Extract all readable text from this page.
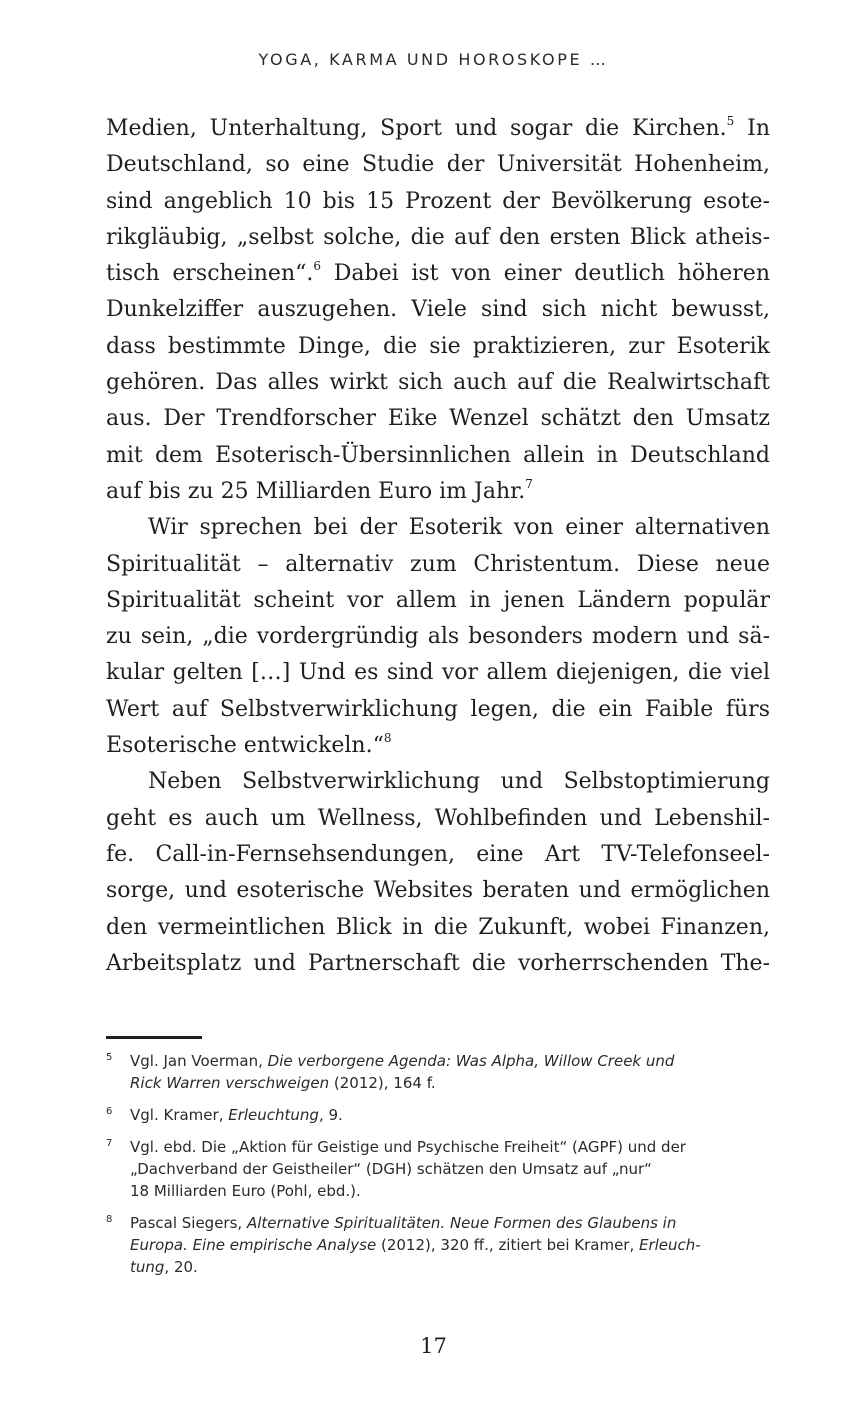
YOGA, KARMA UND HOROSKOPE …
Medien, Unterhaltung, Sport und sogar die Kirchen.$^5$ In
Deutschland, so eine Studie der Universität Hohenheim,
sind angeblich 10 bis 15 Prozent der Bevölkerung esote-
rikgläubig, „selbst solche, die auf den ersten Blick atheis-
tisch erscheinen“.$^6$ Dabei ist von einer deutlich höheren
Dunkelziffer auszugehen. Viele sind sich nicht bewusst,
dass bestimmte Dinge, die sie praktizieren, zur Esoterik
gehören. Das alles wirkt sich auch auf die Realwirtschaft
aus. Der Trendforscher Eike Wenzel schätzt den Umsatz
mit dem Esoterisch-Übersinnlichen allein in Deutschland
auf bis zu 25 Milliarden Euro im Jahr.$^7$
Wir sprechen bei der Esoterik von einer alternativen
Spiritualität – alternativ zum Christentum. Diese neue
Spiritualität scheint vor allem in jenen Ländern populär
zu sein, „die vordergründig als besonders modern und sä-
kular gelten […] Und es sind vor allem diejenigen, die viel
Wert auf Selbstverwirklichung legen, die ein Faible fürs
Esoterische entwickeln.“$^8$
Neben Selbstverwirklichung und Selbstoptimierung
geht es auch um Wellness, Wohlbefinden und Lebenshil-
fe. Call-in-Fernsehsendungen, eine Art TV-Telefonseel-
sorge, und esoterische Websites beraten und ermöglichen
den vermeintlichen Blick in die Zukunft, wobei Finanzen,
Arbeitsplatz und Partnerschaft die vorherrschenden The-
5 Vgl. Jan Voerman, Die verborgene Agenda: Was Alpha, Willow Creek und
Rick Warren verschweigen (2012), 164 f.
6 Vgl. Kramer, Erleuchtung, 9.
7 Vgl. ebd. Die „Aktion für Geistige und Psychische Freiheit“ (AGPF) und der
„Dachverband der Geistheiler“ (DGH) schätzen den Umsatz auf „nur“
18 Milliarden Euro (Pohl, ebd.).
8 Pascal Siegers, Alternative Spiritualitäten. Neue Formen des Glaubens in
Europa. Eine empirische Analyse (2012), 320 ff., zitiert bei Kramer, Erleuch-
tung, 20.
17
